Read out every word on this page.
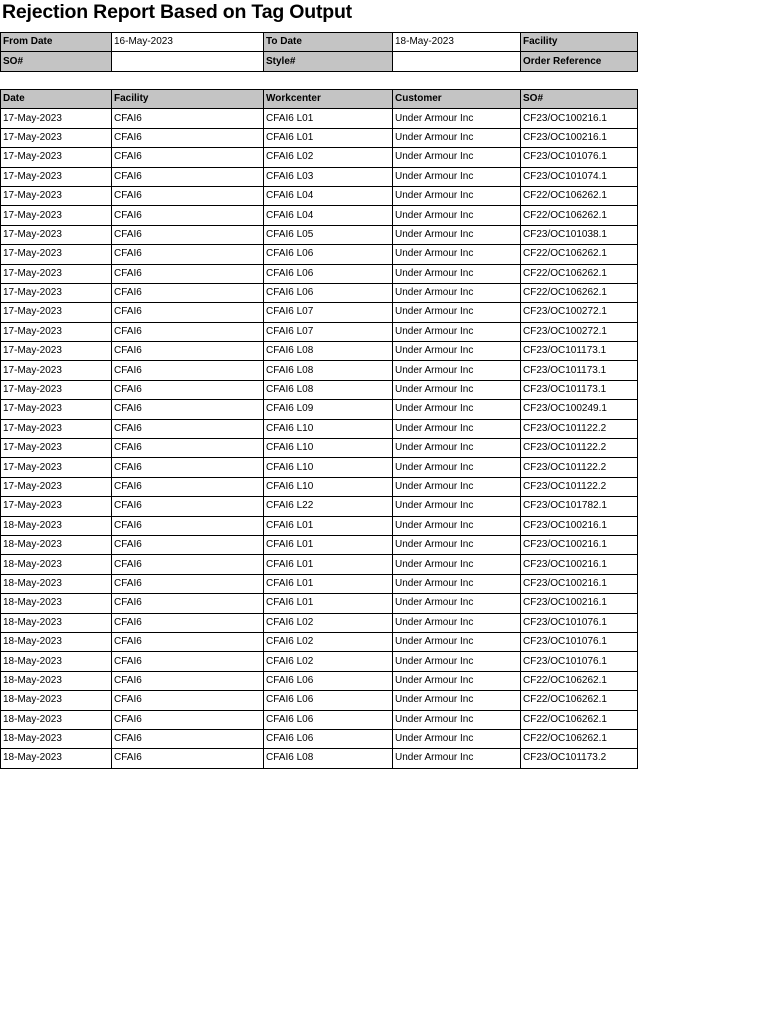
Rejection Report Based on Tag Output
From Date	16-May-2023	To Date	18-May-2023	Facility
SO#		Style#		Order Reference
Date	Facility	Workcenter	Customer	SO#
17-May-2023	CFAI6	CFAI6 L01	Under Armour Inc	CF23/OC100216.1
17-May-2023	CFAI6	CFAI6 L01	Under Armour Inc	CF23/OC100216.1
17-May-2023	CFAI6	CFAI6 L02	Under Armour Inc	CF23/OC101076.1
17-May-2023	CFAI6	CFAI6 L03	Under Armour Inc	CF23/OC101074.1
17-May-2023	CFAI6	CFAI6 L04	Under Armour Inc	CF22/OC106262.1
17-May-2023	CFAI6	CFAI6 L04	Under Armour Inc	CF22/OC106262.1
17-May-2023	CFAI6	CFAI6 L05	Under Armour Inc	CF23/OC101038.1
17-May-2023	CFAI6	CFAI6 L06	Under Armour Inc	CF22/OC106262.1
17-May-2023	CFAI6	CFAI6 L06	Under Armour Inc	CF22/OC106262.1
17-May-2023	CFAI6	CFAI6 L06	Under Armour Inc	CF22/OC106262.1
17-May-2023	CFAI6	CFAI6 L07	Under Armour Inc	CF23/OC100272.1
17-May-2023	CFAI6	CFAI6 L07	Under Armour Inc	CF23/OC100272.1
17-May-2023	CFAI6	CFAI6 L08	Under Armour Inc	CF23/OC101173.1
17-May-2023	CFAI6	CFAI6 L08	Under Armour Inc	CF23/OC101173.1
17-May-2023	CFAI6	CFAI6 L08	Under Armour Inc	CF23/OC101173.1
17-May-2023	CFAI6	CFAI6 L09	Under Armour Inc	CF23/OC100249.1
17-May-2023	CFAI6	CFAI6 L10	Under Armour Inc	CF23/OC101122.2
17-May-2023	CFAI6	CFAI6 L10	Under Armour Inc	CF23/OC101122.2
17-May-2023	CFAI6	CFAI6 L10	Under Armour Inc	CF23/OC101122.2
17-May-2023	CFAI6	CFAI6 L10	Under Armour Inc	CF23/OC101122.2
17-May-2023	CFAI6	CFAI6 L22	Under Armour Inc	CF23/OC101782.1
18-May-2023	CFAI6	CFAI6 L01	Under Armour Inc	CF23/OC100216.1
18-May-2023	CFAI6	CFAI6 L01	Under Armour Inc	CF23/OC100216.1
18-May-2023	CFAI6	CFAI6 L01	Under Armour Inc	CF23/OC100216.1
18-May-2023	CFAI6	CFAI6 L01	Under Armour Inc	CF23/OC100216.1
18-May-2023	CFAI6	CFAI6 L01	Under Armour Inc	CF23/OC100216.1
18-May-2023	CFAI6	CFAI6 L02	Under Armour Inc	CF23/OC101076.1
18-May-2023	CFAI6	CFAI6 L02	Under Armour Inc	CF23/OC101076.1
18-May-2023	CFAI6	CFAI6 L02	Under Armour Inc	CF23/OC101076.1
18-May-2023	CFAI6	CFAI6 L06	Under Armour Inc	CF22/OC106262.1
18-May-2023	CFAI6	CFAI6 L06	Under Armour Inc	CF22/OC106262.1
18-May-2023	CFAI6	CFAI6 L06	Under Armour Inc	CF22/OC106262.1
18-May-2023	CFAI6	CFAI6 L06	Under Armour Inc	CF22/OC106262.1
18-May-2023	CFAI6	CFAI6 L08	Under Armour Inc	CF23/OC101173.2
